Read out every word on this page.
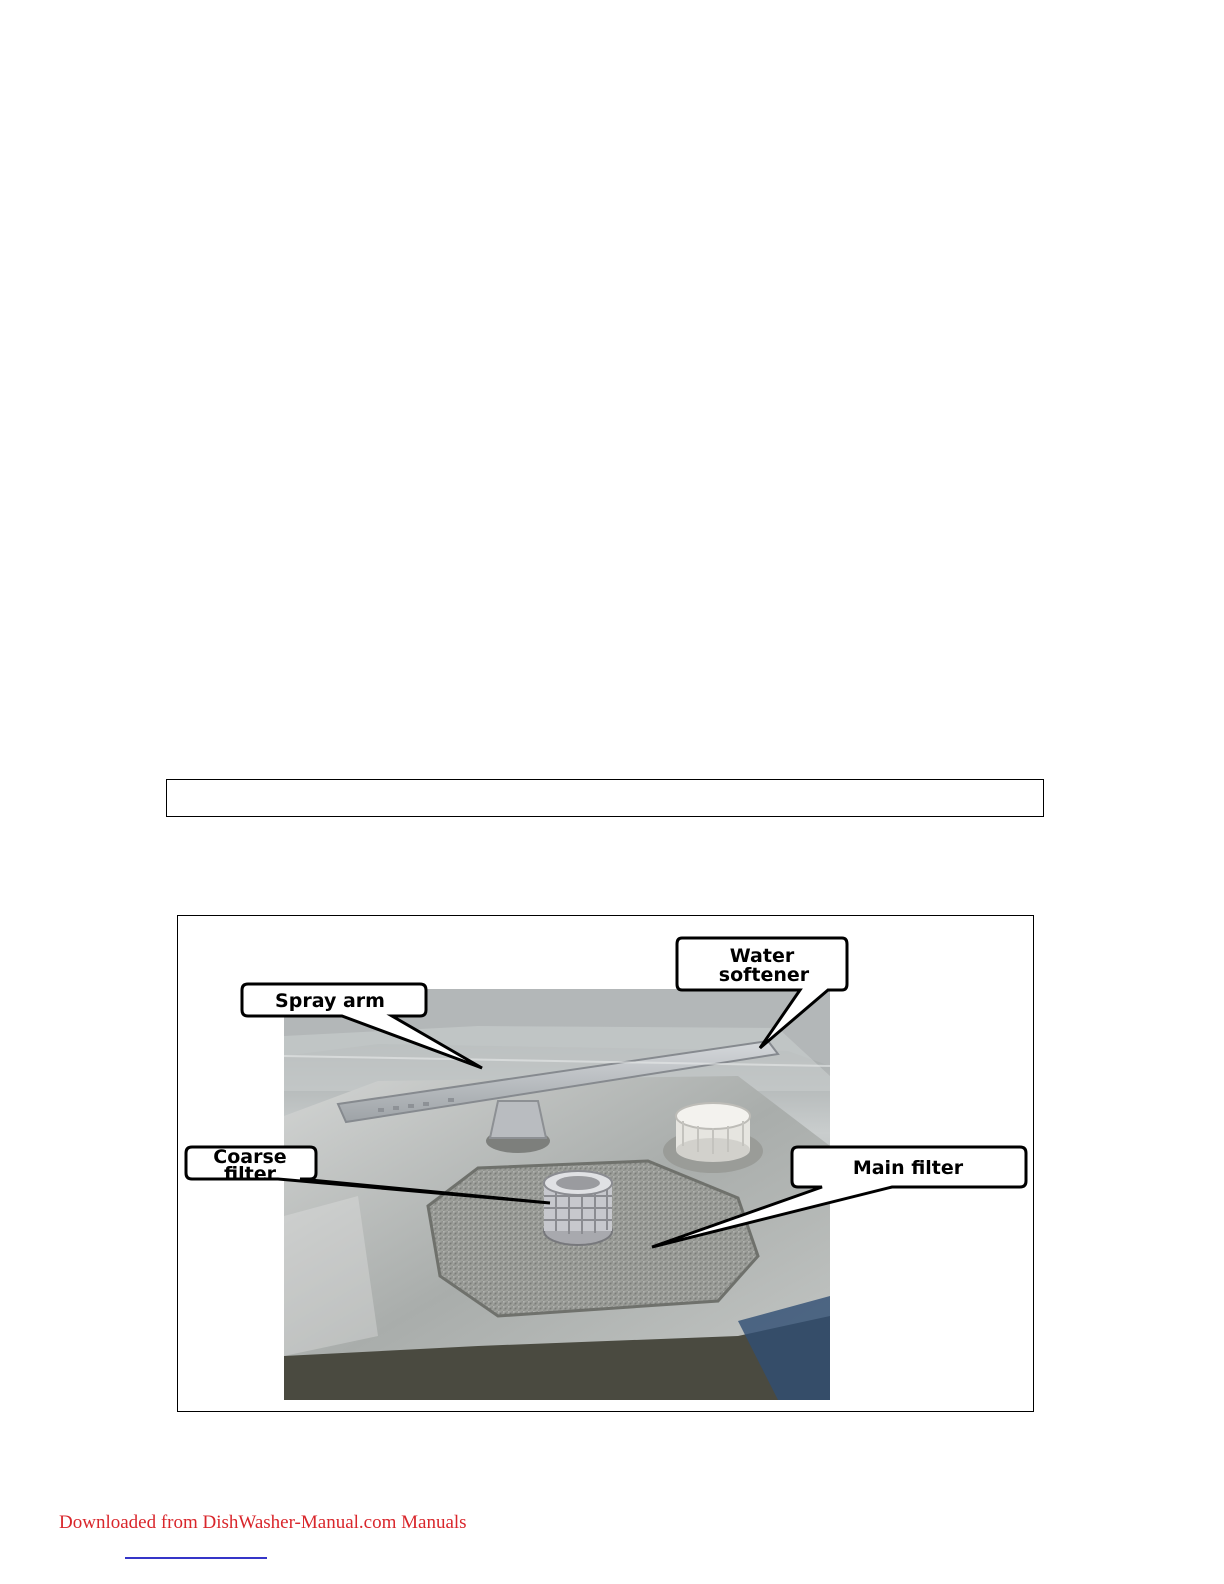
Water
softener
Spray arm
Coarse
filter	Main filter
Downloaded from DishWasher-Manual.com Manuals
